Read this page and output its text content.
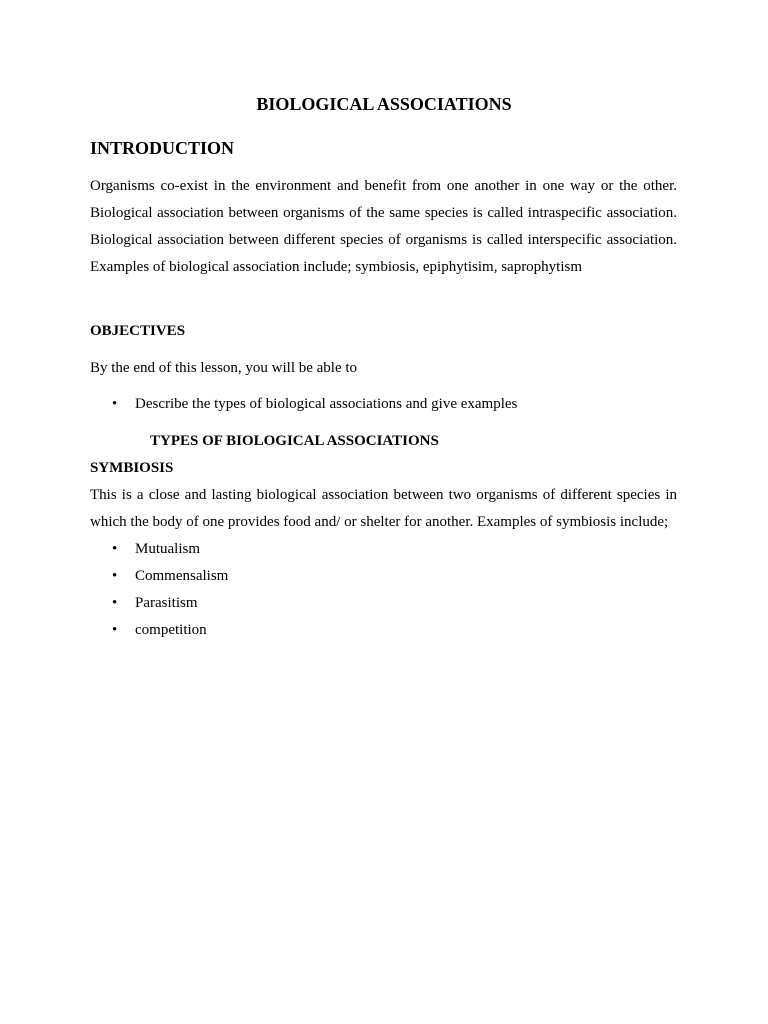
BIOLOGICAL ASSOCIATIONS
INTRODUCTION

Organisms co-exist in the environment and benefit from one another in one way or the other. Biological association between organisms of the same species is called intraspecific association. Biological association between different species of organisms is called interspecific association. Examples of biological association include; symbiosis, epiphytisim, saprophytism

OBJECTIVES

By the end of this lesson, you will be able to

• Describe the types of biological associations and give examples
TYPES OF BIOLOGICAL ASSOCIATIONS
SYMBIOSIS

This is a close and lasting biological association between two organisms of different species in which the body of one provides food and/ or shelter for another. Examples of symbiosis include;

• Mutualism
• Commensalism
• Parasitism
• competition
